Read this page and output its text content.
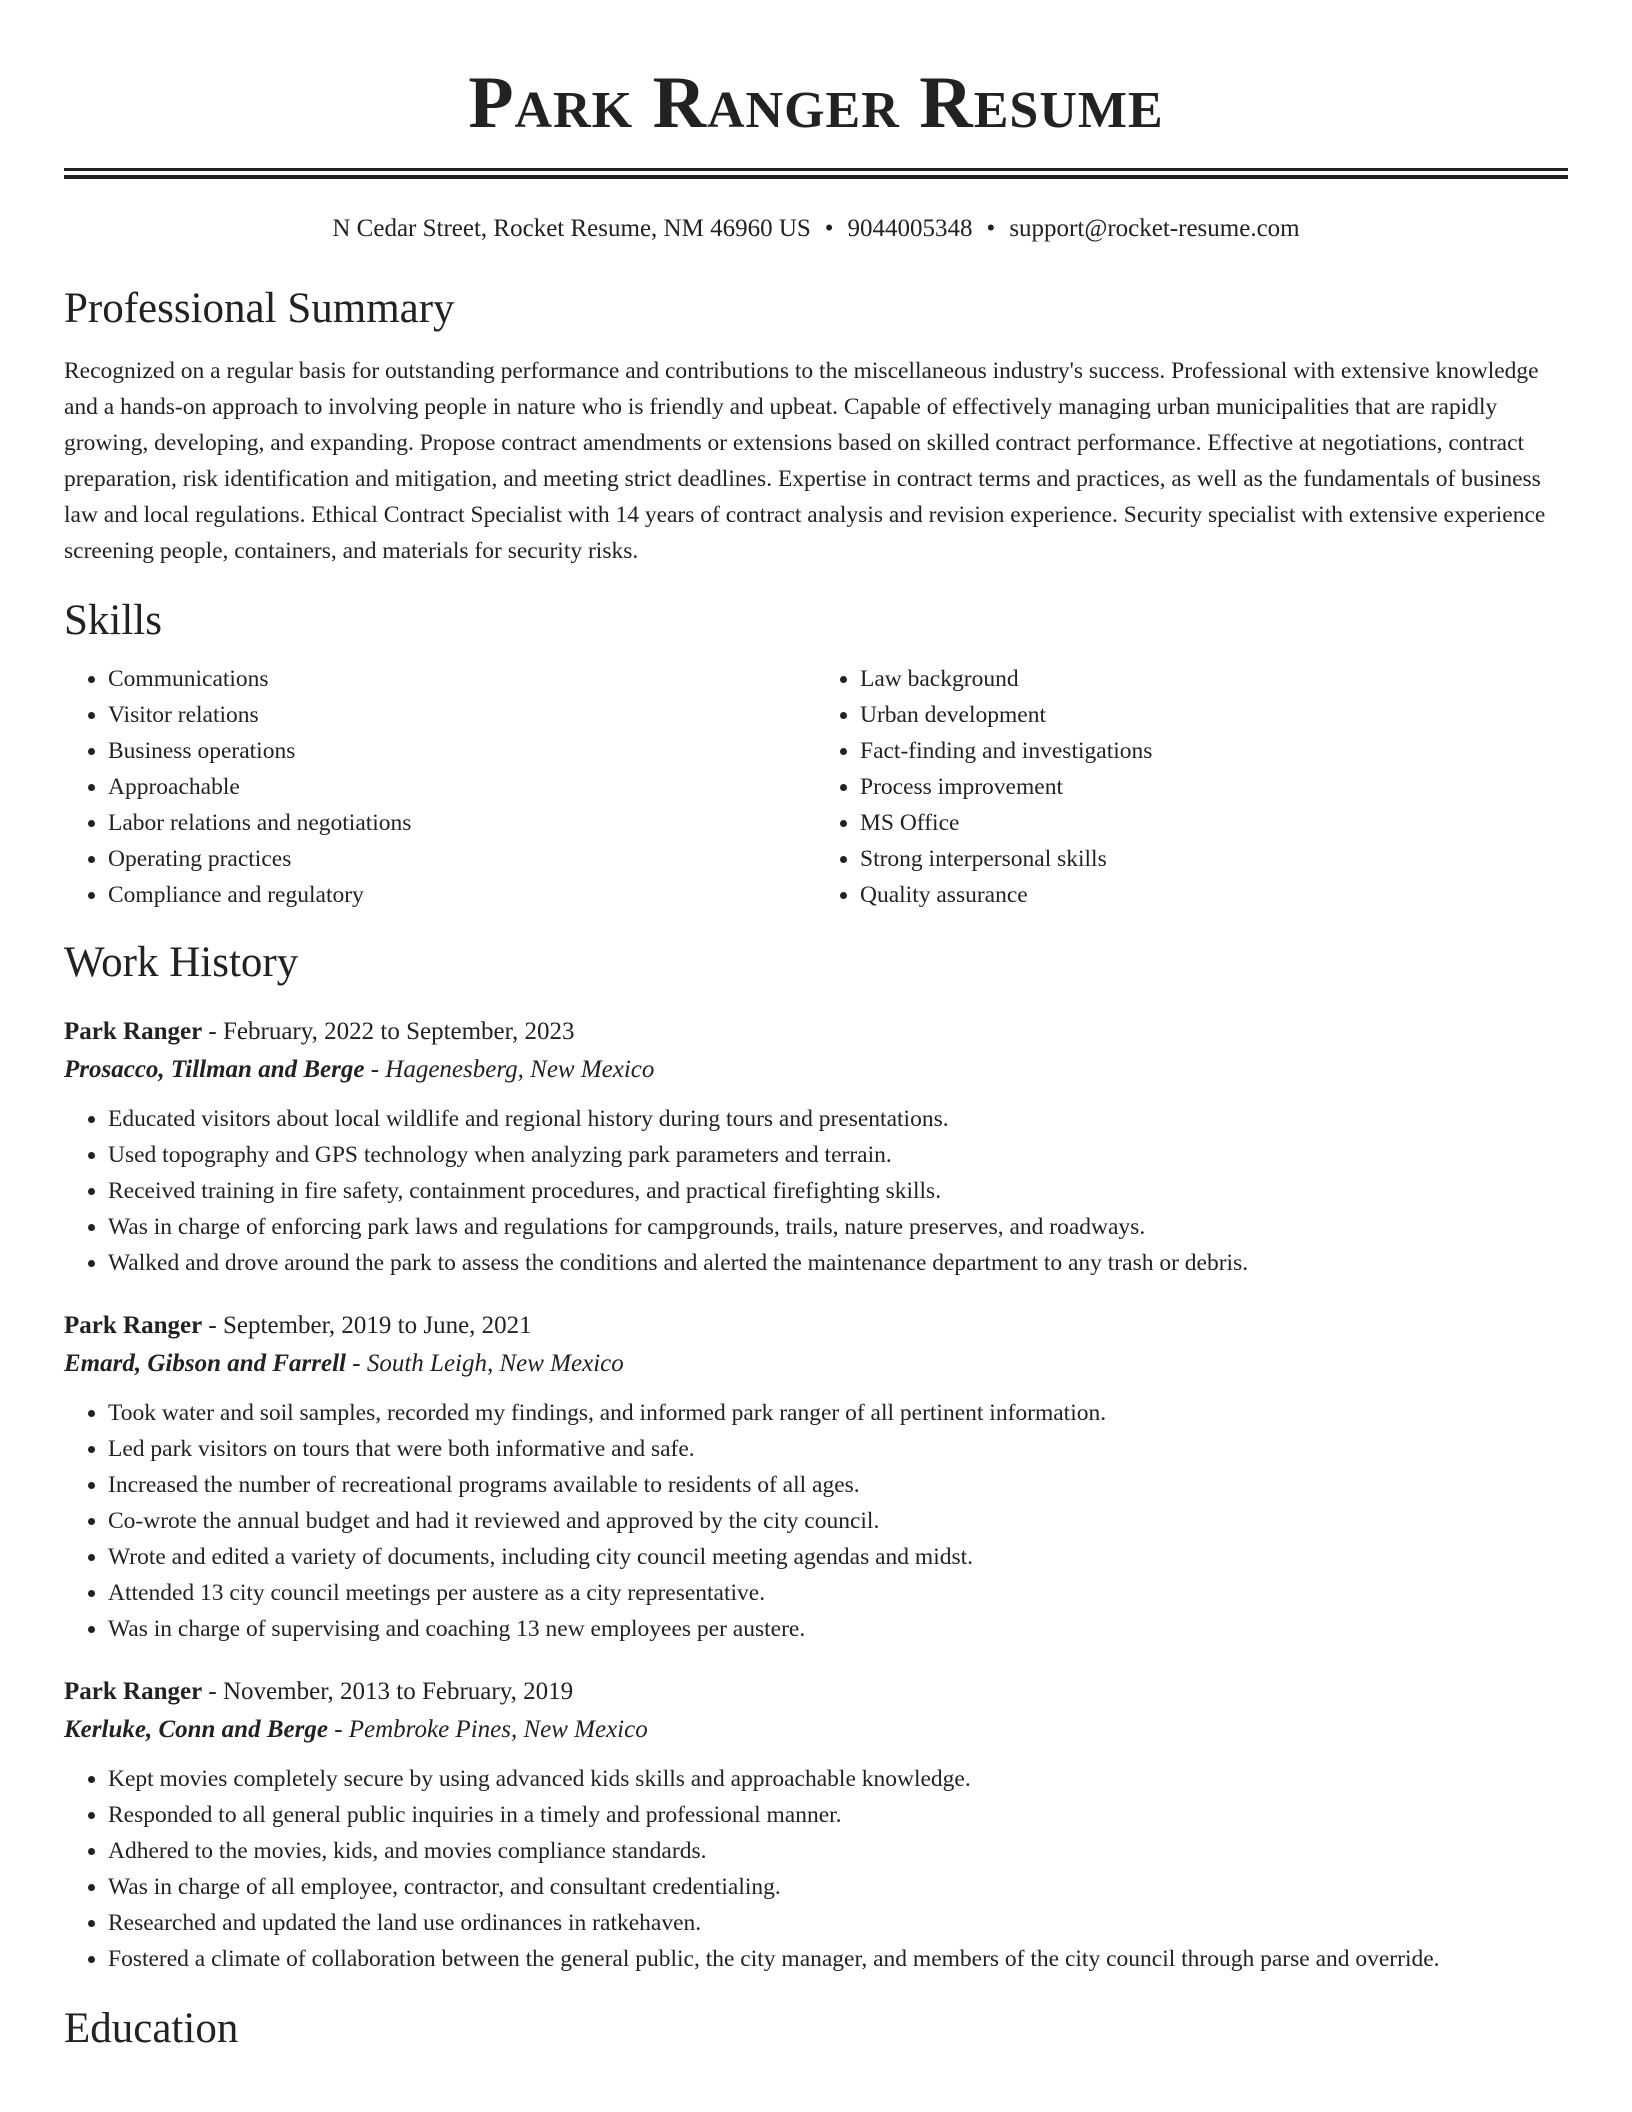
Park Ranger Resume
N Cedar Street, Rocket Resume, NM 46960 US • 9044005348 • support@rocket-resume.com
Professional Summary
Recognized on a regular basis for outstanding performance and contributions to the miscellaneous industry's success. Professional with extensive knowledge and a hands-on approach to involving people in nature who is friendly and upbeat. Capable of effectively managing urban municipalities that are rapidly growing, developing, and expanding. Propose contract amendments or extensions based on skilled contract performance. Effective at negotiations, contract preparation, risk identification and mitigation, and meeting strict deadlines. Expertise in contract terms and practices, as well as the fundamentals of business law and local regulations. Ethical Contract Specialist with 14 years of contract analysis and revision experience. Security specialist with extensive experience screening people, containers, and materials for security risks.
Skills
• Communications
• Visitor relations
• Business operations
• Approachable
• Labor relations and negotiations
• Operating practices
• Compliance and regulatory
• Law background
• Urban development
• Fact-finding and investigations
• Process improvement
• MS Office
• Strong interpersonal skills
• Quality assurance
Work History
Park Ranger - February, 2022 to September, 2023
Prosacco, Tillman and Berge - Hagenesberg, New Mexico
• Educated visitors about local wildlife and regional history during tours and presentations.
• Used topography and GPS technology when analyzing park parameters and terrain.
• Received training in fire safety, containment procedures, and practical firefighting skills.
• Was in charge of enforcing park laws and regulations for campgrounds, trails, nature preserves, and roadways.
• Walked and drove around the park to assess the conditions and alerted the maintenance department to any trash or debris.
Park Ranger - September, 2019 to June, 2021
Emard, Gibson and Farrell - South Leigh, New Mexico
• Took water and soil samples, recorded my findings, and informed park ranger of all pertinent information.
• Led park visitors on tours that were both informative and safe.
• Increased the number of recreational programs available to residents of all ages.
• Co-wrote the annual budget and had it reviewed and approved by the city council.
• Wrote and edited a variety of documents, including city council meeting agendas and midst.
• Attended 13 city council meetings per austere as a city representative.
• Was in charge of supervising and coaching 13 new employees per austere.
Park Ranger - November, 2013 to February, 2019
Kerluke, Conn and Berge - Pembroke Pines, New Mexico
• Kept movies completely secure by using advanced kids skills and approachable knowledge.
• Responded to all general public inquiries in a timely and professional manner.
• Adhered to the movies, kids, and movies compliance standards.
• Was in charge of all employee, contractor, and consultant credentialing.
• Researched and updated the land use ordinances in ratkehaven.
• Fostered a climate of collaboration between the general public, the city manager, and members of the city council through parse and override.
Education
